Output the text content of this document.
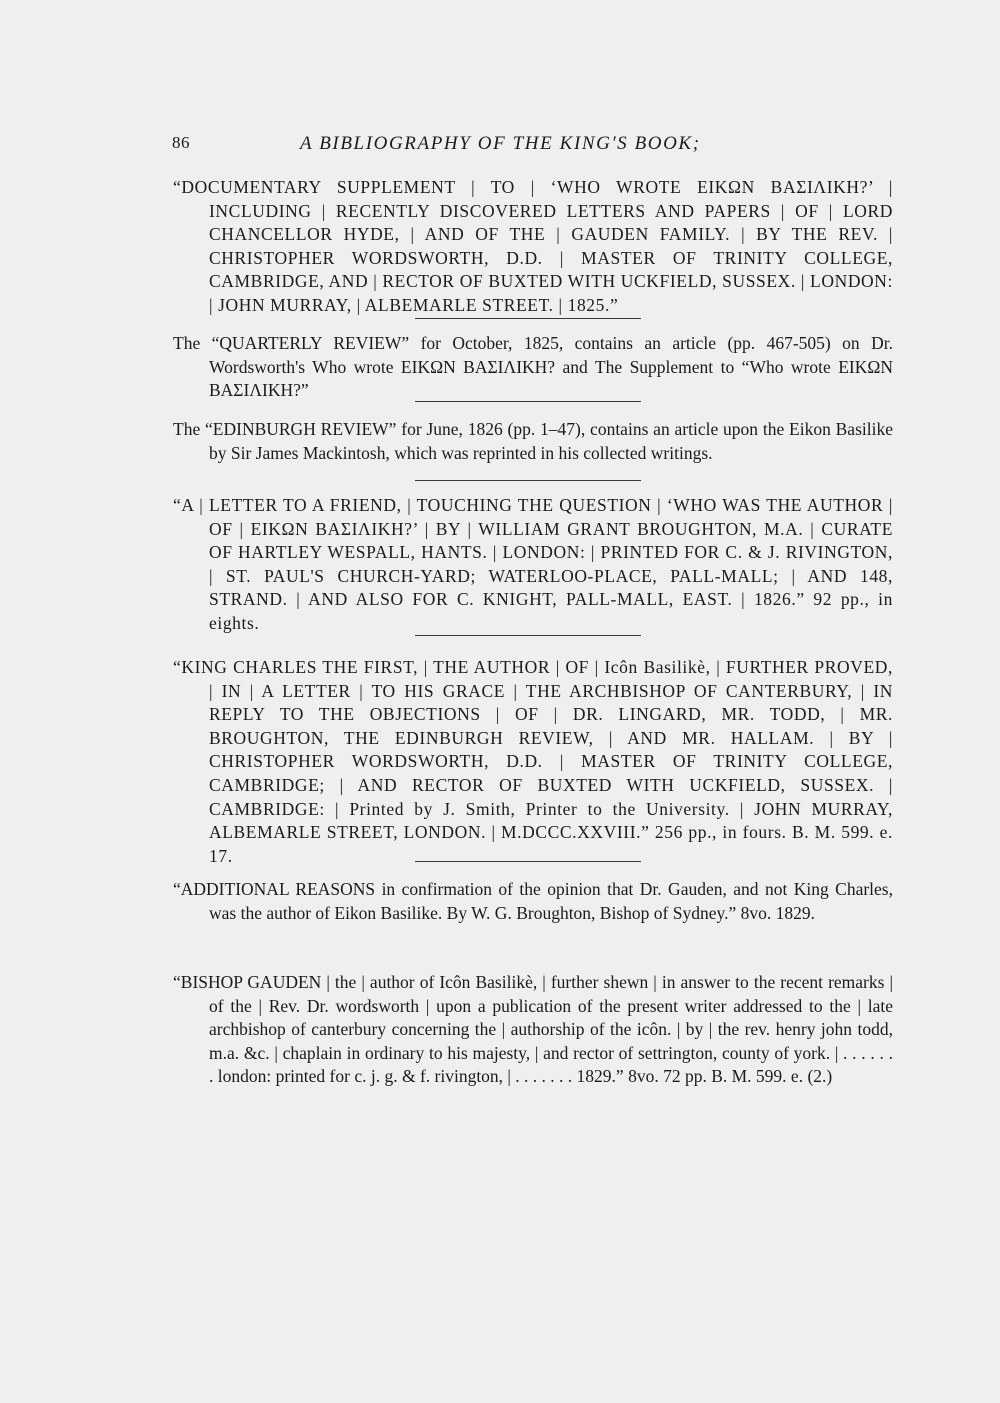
86	A BIBLIOGRAPHY OF THE KING'S BOOK;

“DOCUMENTARY SUPPLEMENT | TO | ‘WHO WROTE ΕΙΚΩΝ ΒΑΣΙΛΙΚΗ?’ | INCLUDING | RECENTLY DISCOVERED LETTERS AND PAPERS | OF | LORD CHANCELLOR HYDE, | AND OF THE | GAUDEN FAMILY. | BY THE REV. | CHRISTOPHER WORDSWORTH, D.D. | MASTER OF TRINITY COLLEGE, CAMBRIDGE, AND | RECTOR OF BUXTED WITH UCKFIELD, SUSSEX. | LONDON: | JOHN MURRAY, | ALBEMARLE STREET. | 1825.”

The “QUARTERLY REVIEW” for October, 1825, contains an article (pp. 467-505) on Dr. Wordsworth's Who wrote ΕΙΚΩΝ ΒΑΣΙΛΙΚΗ? and The Supplement to “Who wrote ΕΙΚΩΝ ΒΑΣΙΛΙΚΗ?”

The “EDINBURGH REVIEW” for June, 1826 (pp. 1–47), contains an article upon the Eikon Basilike by Sir James Mackintosh, which was reprinted in his collected writings.

“A | LETTER TO A FRIEND, | TOUCHING THE QUESTION | ‘WHO WAS THE AUTHOR | OF | ΕΙΚΩΝ ΒΑΣΙΛΙΚΗ?’ | BY | WILLIAM GRANT BROUGHTON, M.A. | CURATE OF HARTLEY WESPALL, HANTS. | LONDON: | PRINTED FOR C. & J. RIVINGTON, | ST. PAUL'S CHURCH-YARD; WATERLOO-PLACE, PALL-MALL; | AND 148, STRAND. | AND ALSO FOR C. KNIGHT, PALL-MALL, EAST. | 1826.” 92 pp., in eights.

“KING CHARLES THE FIRST, | THE AUTHOR | OF | Icôn Basilikè, | FURTHER PROVED, | IN | A LETTER | TO HIS GRACE | THE ARCHBISHOP OF CANTERBURY, | IN REPLY TO THE OBJECTIONS | OF | DR. LINGARD, MR. TODD, | MR. BROUGHTON, THE EDINBURGH REVIEW, | AND MR. HALLAM. | BY | CHRISTOPHER WORDSWORTH, D.D. | MASTER OF TRINITY COLLEGE, CAMBRIDGE; | AND RECTOR OF BUXTED WITH UCKFIELD, SUSSEX. | CAMBRIDGE: | Printed by J. Smith, Printer to the University. | JOHN MURRAY, ALBEMARLE STREET, LONDON. | M.DCCC.XXVIII.” 256 pp., in fours. B. M. 599. e. 17.

“ADDITIONAL REASONS in confirmation of the opinion that Dr. Gauden, and not King Charles, was the author of Eikon Basilike. By W. G. Broughton, Bishop of Sydney.” 8vo. 1829.

“BISHOP GAUDEN | the | author of Icôn Basilikè, | further shewn | in answer to the recent remarks | of the | Rev. Dr. wordsworth | upon a publication of the present writer addressed to the | late archbishop of canterbury concerning the | authorship of the icôn. | by | the rev. henry john todd, m.a. &c. | chaplain in ordinary to his majesty, | and rector of settrington, county of york. | . . . . . . . london: printed for c. j. g. & f. rivington, | . . . . . . . 1829.” 8vo. 72 pp. B. M. 599. e. (2.)
